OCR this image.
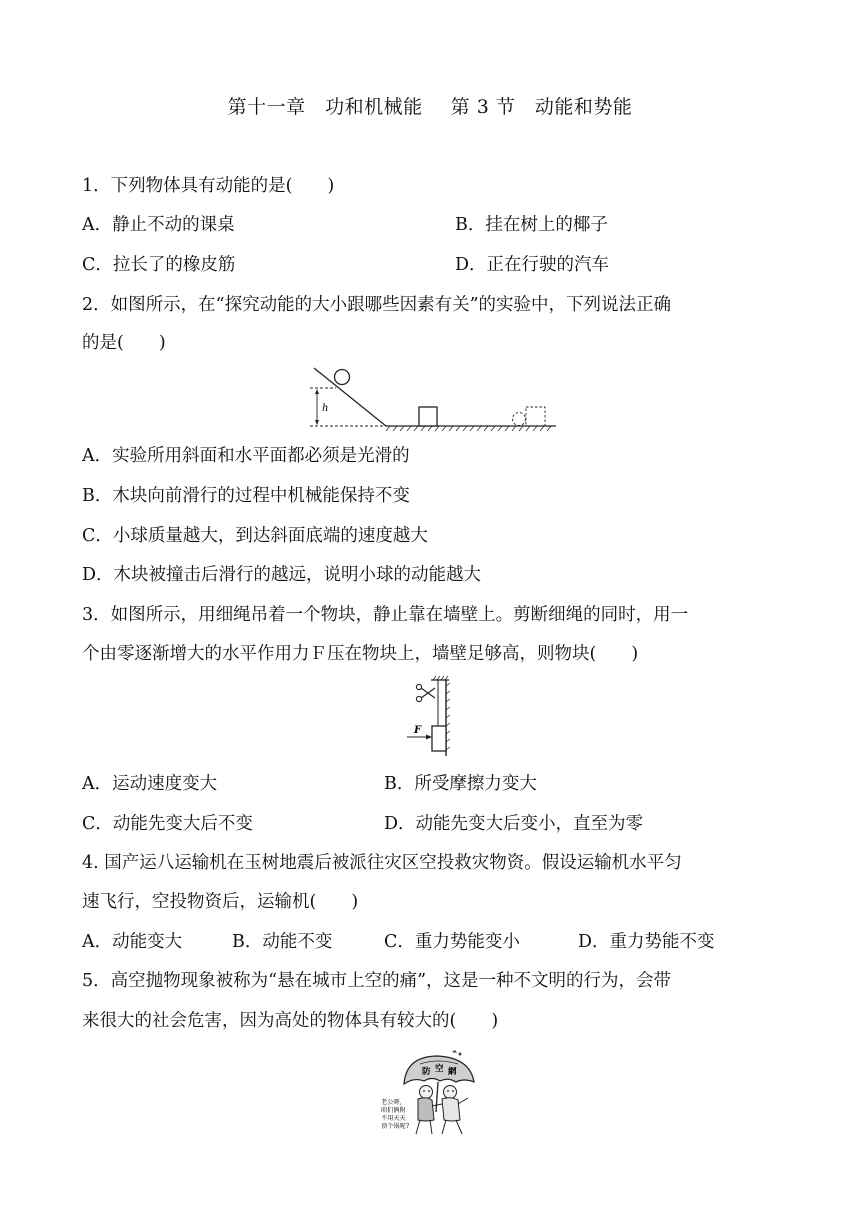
第十一章　功和机械能 第 3 节　动能和势能
1．下列物体具有动能的是(　　)
A．静止不动的课桌	B．挂在树上的椰子
C．拉长了的橡皮筋	D．正在行驶的汽车
2．如图所示，在“探究动能的大小跟哪些因素有关”的实验中，下列说法正确
的是(　　)
h
A．实验所用斜面和水平面都必须是光滑的
B．木块向前滑行的过程中机械能保持不变
C．小球质量越大，到达斜面底端的速度越大
D．木块被撞击后滑行的越远，说明小球的动能越大
3．如图所示，用细绳吊着一个物块，静止靠在墙壁上。剪断细绳的同时，用一
个由零逐渐增大的水平作用力Ｆ压在物块上，墙壁足够高，则物块(　　)
F
A．运动速度变大	B．所受摩擦力变大
C．动能先变大后不变	D．动能先变大后变小，直至为零
4. 国产运八运输机在玉树地震后被派往灾区空投救灾物资。假设运输机水平匀
速飞行，空投物资后，运输机(　　)
A．动能变大	B．动能不变	C．重力势能变小	D．重力势能不变
5．高空抛物现象被称为“悬在城市上空的痛”，这是一种不文明的行为，会带
来很大的社会危害，因为高处的物体具有较大的(　　)
防 空 網
老公呀,
咱们俩附
不用天天
顶个锅呢?
